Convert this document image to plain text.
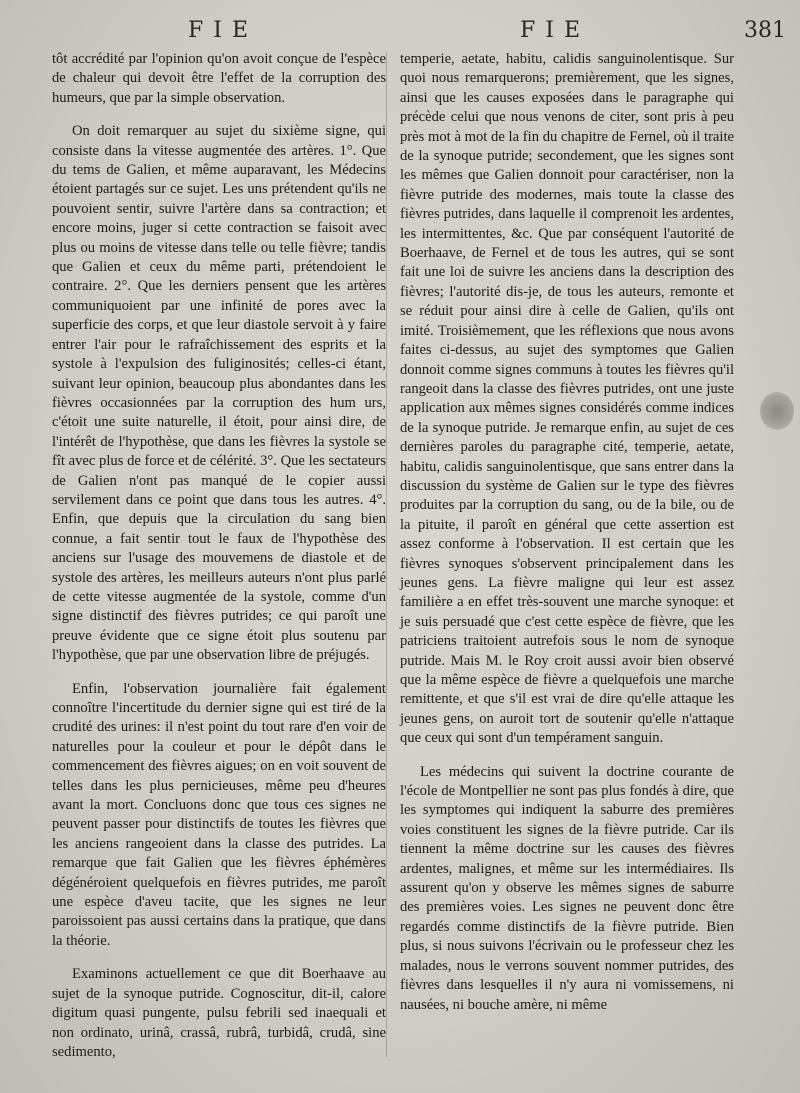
FIE	FIE	381

tôt accrédité par l'opinion qu'on avoit conçue de l'espèce de chaleur qui devoit être l'effet de la corruption des humeurs, que par la simple observation.

On doit remarquer au sujet du sixième signe, qui consiste dans la vitesse augmentée des artères. 1°. Que du tems de Galien, et même auparavant, les Médecins étoient partagés sur ce sujet. Les uns prétendent qu'ils ne pouvoient sentir, suivre l'artère dans sa contraction; et encore moins, juger si cette contraction se faisoit avec plus ou moins de vitesse dans telle ou telle fièvre; tandis que Galien et ceux du même parti, prétendoient le contraire. 2°. Que les derniers pensent que les artères communiquoient par une infinité de pores avec la superficie des corps, et que leur diastole servoit à y faire entrer l'air pour le rafraîchissement des esprits et la systole à l'expulsion des fuliginosités; celles-ci étant, suivant leur opinion, beaucoup plus abondantes dans les fièvres occasionnées par la corruption des hum urs, c'étoit une suite naturelle, il étoit, pour ainsi dire, de l'intérêt de l'hypothèse, que dans les fièvres la systole se fît avec plus de force et de célérité. 3°. Que les sectateurs de Galien n'ont pas manqué de le copier aussi servilement dans ce point que dans tous les autres. 4°. Enfin, que depuis que la circulation du sang bien connue, a fait sentir tout le faux de l'hypothèse des anciens sur l'usage des mouvemens de diastole et de systole des artères, les meilleurs auteurs n'ont plus parlé de cette vitesse augmentée de la systole, comme d'un signe distinctif des fièvres putrides; ce qui paroît une preuve évidente que ce signe étoit plus soutenu par l'hypothèse, que par une observation libre de préjugés.

Enfin, l'observation journalière fait également connoître l'incertitude du dernier signe qui est tiré de la crudité des urines: il n'est point du tout rare d'en voir de naturelles pour la couleur et pour le dépôt dans le commencement des fièvres aigues; on en voit souvent de telles dans les plus pernicieuses, même peu d'heures avant la mort. Concluons donc que tous ces signes ne peuvent passer pour distinctifs de toutes les fièvres que les anciens rangeoient dans la classe des putrides. La remarque que fait Galien que les fièvres éphémères dégénéroient quelquefois en fièvres putrides, me paroît une espèce d'aveu tacite, que les signes ne leur paroissoient pas aussi certains dans la pratique, que dans la théorie.

Examinons actuellement ce que dit Boerhaave au sujet de la synoque putride. Cognoscitur, dit-il, calore digitum quasi pungente, pulsu febrili sed inaequali et non ordinato, urinâ, crassâ, rubrâ, turbidâ, crudâ, sine sedimento,

temperie, aetate, habitu, calidis sanguinolentisque. Sur quoi nous remarquerons; premièrement, que les signes, ainsi que les causes exposées dans le paragraphe qui précède celui que nous venons de citer, sont pris à peu près mot à mot de la fin du chapitre de Fernel, où il traite de la synoque putride; secondement, que les signes sont les mêmes que Galien donnoit pour caractériser, non la fièvre putride des modernes, mais toute la classe des fièvres putrides, dans laquelle il comprenoit les ardentes, les intermittentes, &c. Que par conséquent l'autorité de Boerhaave, de Fernel et de tous les autres, qui se sont fait une loi de suivre les anciens dans la description des fièvres; l'autorité dis-je, de tous les auteurs, remonte et se réduit pour ainsi dire à celle de Galien, qu'ils ont imité. Troisièmement, que les réflexions que nous avons faites ci-dessus, au sujet des symptomes que Galien donnoit comme signes communs à toutes les fièvres qu'il rangeoit dans la classe des fièvres putrides, ont une juste application aux mêmes signes considérés comme indices de la synoque putride. Je remarque enfin, au sujet de ces dernières paroles du paragraphe cité, temperie, aetate, habitu, calidis sanguinolentisque, que sans entrer dans la discussion du système de Galien sur le type des fièvres produites par la corruption du sang, ou de la bile, ou de la pituite, il paroît en général que cette assertion est assez conforme à l'observation. Il est certain que les fièvres synoques s'observent principalement dans les jeunes gens. La fièvre maligne qui leur est assez familière a en effet très-souvent une marche synoque: et je suis persuadé que c'est cette espèce de fièvre, que les patriciens traitoient autrefois sous le nom de synoque putride. Mais M. le Roy croit aussi avoir bien observé que la même espèce de fièvre a quelquefois une marche remittente, et que s'il est vrai de dire qu'elle attaque les jeunes gens, on auroit tort de soutenir qu'elle n'attaque que ceux qui sont d'un tempérament sanguin.

Les médecins qui suivent la doctrine courante de l'école de Montpellier ne sont pas plus fondés à dire, que les symptomes qui indiquent la saburre des premières voies constituent les signes de la fièvre putride. Car ils tiennent la même doctrine sur les causes des fièvres ardentes, malignes, et même sur les intermédiaires. Ils assurent qu'on y observe les mêmes signes de saburre des premières voies. Les signes ne peuvent donc être regardés comme distinctifs de la fièvre putride. Bien plus, si nous suivons l'écrivain ou le professeur chez les malades, nous le verrons souvent nommer putrides, des fièvres dans lesquelles il n'y aura ni vomissemens, ni nausées, ni bouche amère, ni même
